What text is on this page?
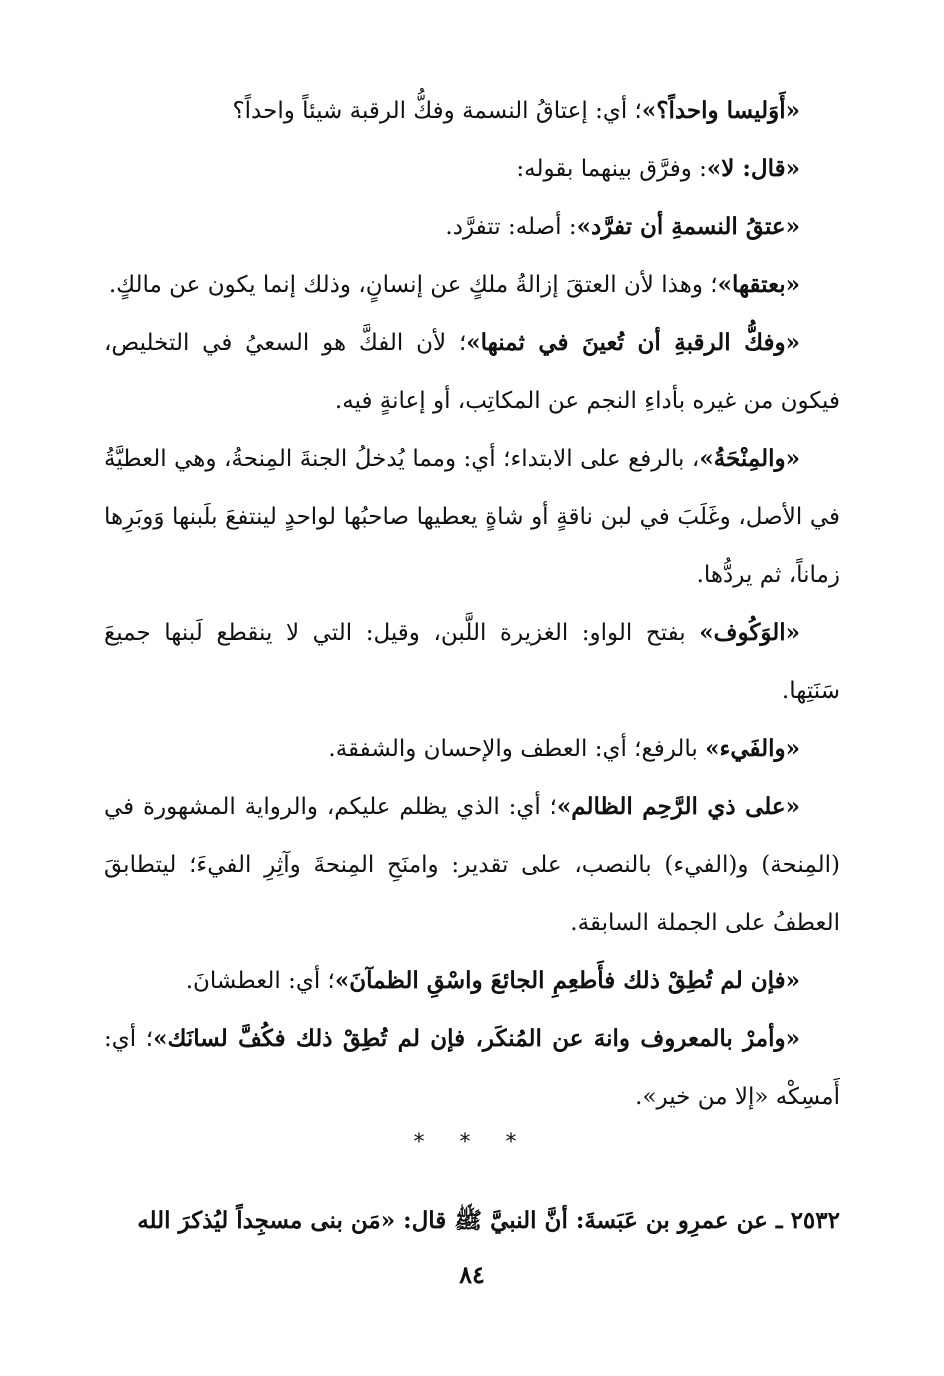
«أَوَليسا واحداً؟»؛ أي: إعتاقُ النسمة وفكُّ الرقبة شيئاً واحداً؟

«قال: لا»: وفرَّق بينهما بقوله:

«عتقُ النسمةِ أن تفرَّد»: أصله: تتفرَّد.

«بعتقها»؛ وهذا لأن العتقَ إزالةُ ملكٍ عن إنسانٍ، وذلك إنما يكون عن مالكٍ.

«وفكُّ الرقبةِ أن تُعينَ في ثمنها»؛ لأن الفكَّ هو السعيُ في التخليص، فيكون من غيره بأداءِ النجم عن المكاتِب، أو إعانةٍ فيه.

«والمِنْحَةُ»، بالرفع على الابتداء؛ أي: ومما يُدخلُ الجنةَ المِنحةُ، وهي العطيَّةُ في الأصل، وغَلَبَ في لبن ناقةٍ أو شاةٍ يعطيها صاحبُها لواحدٍ لينتفعَ بلَبنها وَوبَرِها زماناً، ثم يردُّها.

«الوَكُوف» بفتح الواو: الغزيرة اللَّبن، وقيل: التي لا ينقطع لَبنها جميعَ سَنَتِها.

«والفَيء» بالرفع؛ أي: العطف والإحسان والشفقة.

«على ذي الرَّحِم الظالم»؛ أي: الذي يظلم عليكم، والرواية المشهورة في (المِنحة) و(الفيء) بالنصب، على تقدير: وامنَحِ المِنحةَ وآثِرِ الفيءَ؛ ليتطابقَ العطفُ على الجملة السابقة.

«فإن لم تُطِقْ ذلك فأَطعِمِ الجائعَ واسْقِ الظمآنَ»؛ أي: العطشانَ.

«وأمرْ بالمعروف وانهَ عن المُنكَر، فإن لم تُطِقْ ذلك فكُفَّ لسانَك»؛ أي: أَمسِكْه «إلا من خير».

* * *
٢٥٣٢ ـ عن عمرِو بن عَبَسةَ: أنَّ النبيَّ ﷺ قال: «مَن بنى مسجِداً ليُذكرَ الله
٨٤
